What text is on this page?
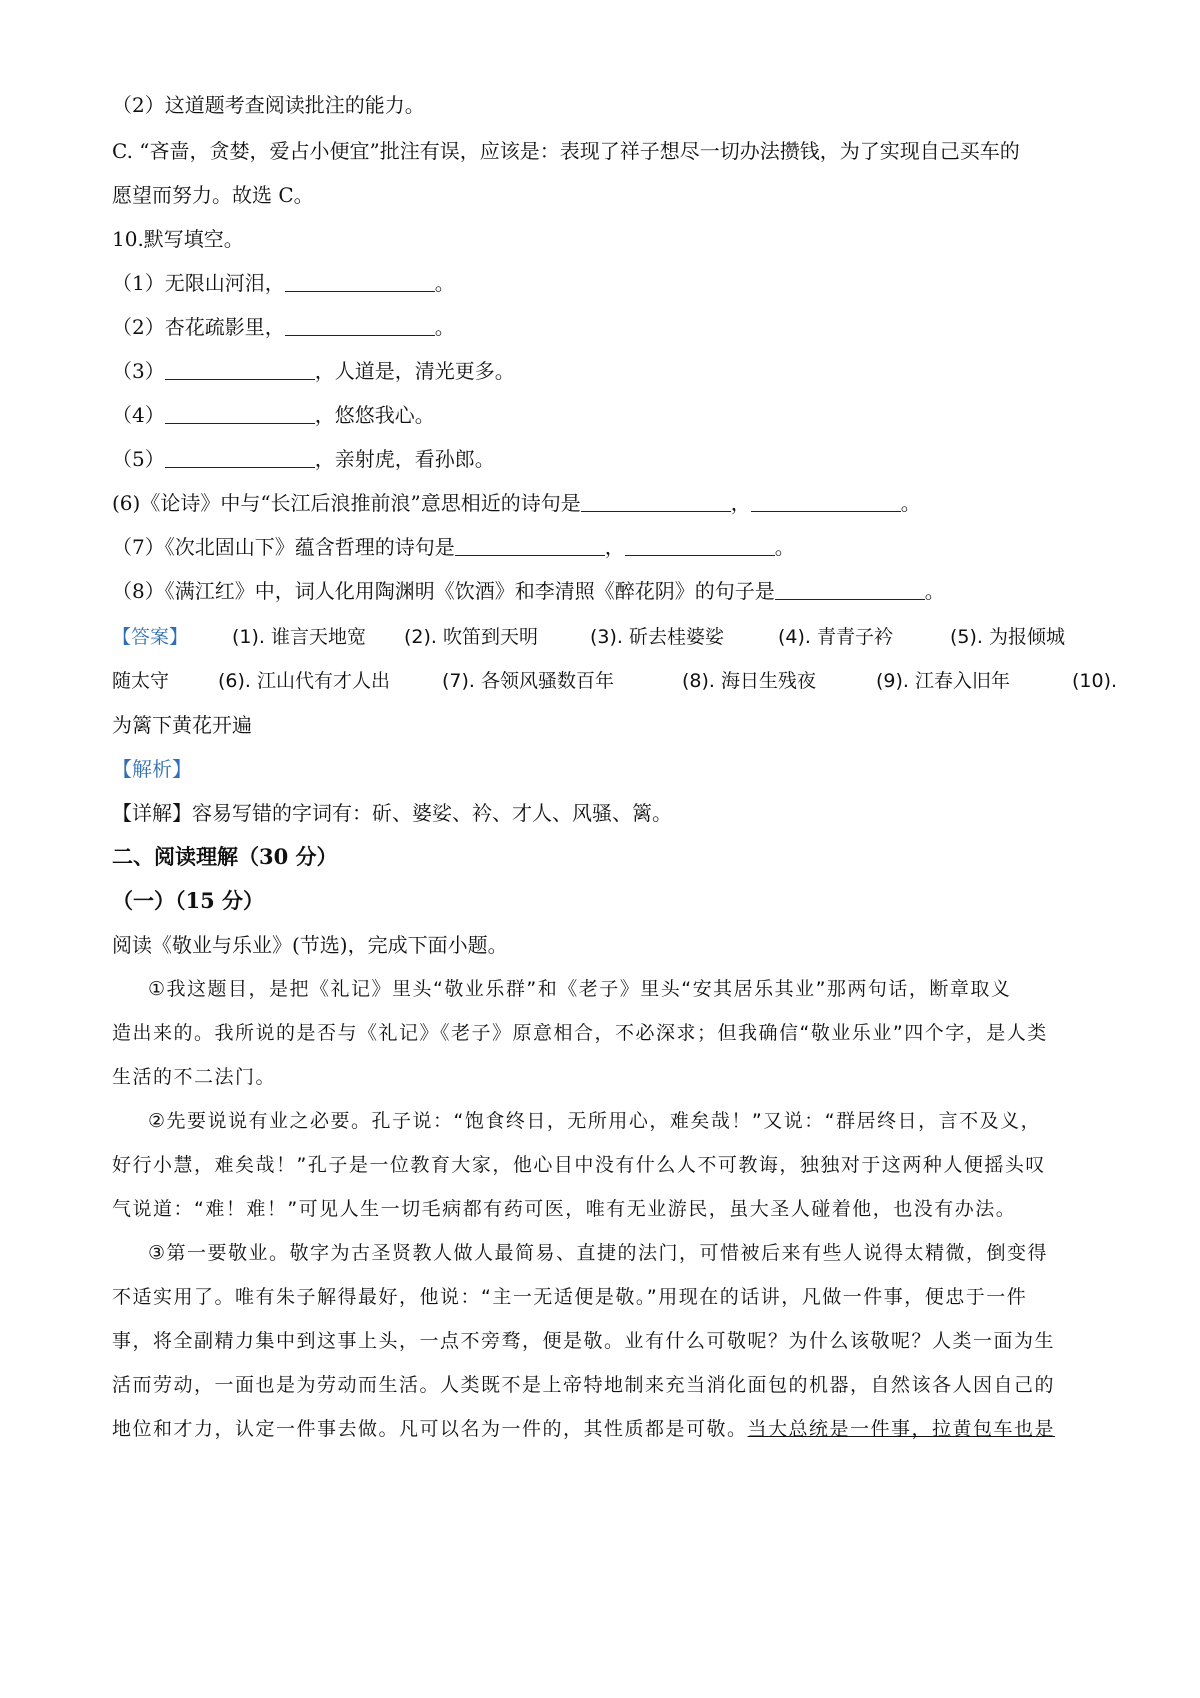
（2）这道题考查阅读批注的能力。
C. “吝啬，贪婪，爱占小便宜”批注有误，应该是：表现了祥子想尽一切办法攒钱，为了实现自己买车的
愿望而努力。故选 C。
10.默写填空。
（1）无限山河泪，	。
（2）杏花疏影里，	。
（3）	，人道是，清光更多。
（4）	，悠悠我心。
（5）	，亲射虎，看孙郎。
(6)《论诗》中与“长江后浪推前浪”意思相近的诗句是	，	。
（7）《次北固山下》蕴含哲理的诗句是	，	。
（8）《满江红》中，词人化用陶渊明《饮酒》和李清照《醉花阴》的句子是	。
【答案】 (1). 谁言天地宽 (2). 吹笛到天明	(3). 斫去桂婆娑	(4). 青青子衿	(5). 为报倾城
随太守	(6). 江山代有才人出	(7). 各领风骚数百年	(8). 海日生残夜	(9). 江春入旧年	(10).
为篱下黄花开遍
【解析】
【详解】容易写错的字词有：斫、婆娑、衿、才人、风骚、篱。
二、阅读理解（30 分）
（一）（15 分）
阅读《敬业与乐业》(节选)，完成下面小题。
①我这题目，是把《礼记》里头“敬业乐群”和《老子》里头“安其居乐其业”那两句话，断章取义
造出来的。我所说的是否与《礼记》《老子》原意相合，不必深求；但我确信“敬业乐业”四个字，是人类
生活的不二法门。
②先要说说有业之必要。孔子说：“饱食终日，无所用心，难矣哉！”又说：“群居终日，言不及义，
好行小慧，难矣哉！”孔子是一位教育大家，他心目中没有什么人不可教诲，独独对于这两种人便摇头叹
气说道：“难！难！”可见人生一切毛病都有药可医，唯有无业游民，虽大圣人碰着他，也没有办法。
③第一要敬业。敬字为古圣贤教人做人最简易、直捷的法门，可惜被后来有些人说得太精微，倒变得
不适实用了。唯有朱子解得最好，他说：“主一无适便是敬。”用现在的话讲，凡做一件事，便忠于一件
事，将全副精力集中到这事上头，一点不旁骛，便是敬。业有什么可敬呢？为什么该敬呢？人类一面为生
活而劳动，一面也是为劳动而生活。人类既不是上帝特地制来充当消化面包的机器，自然该各人因自己的
地位和才力，认定一件事去做。凡可以名为一件的，其性质都是可敬。当大总统是一件事，拉黄包车也是
